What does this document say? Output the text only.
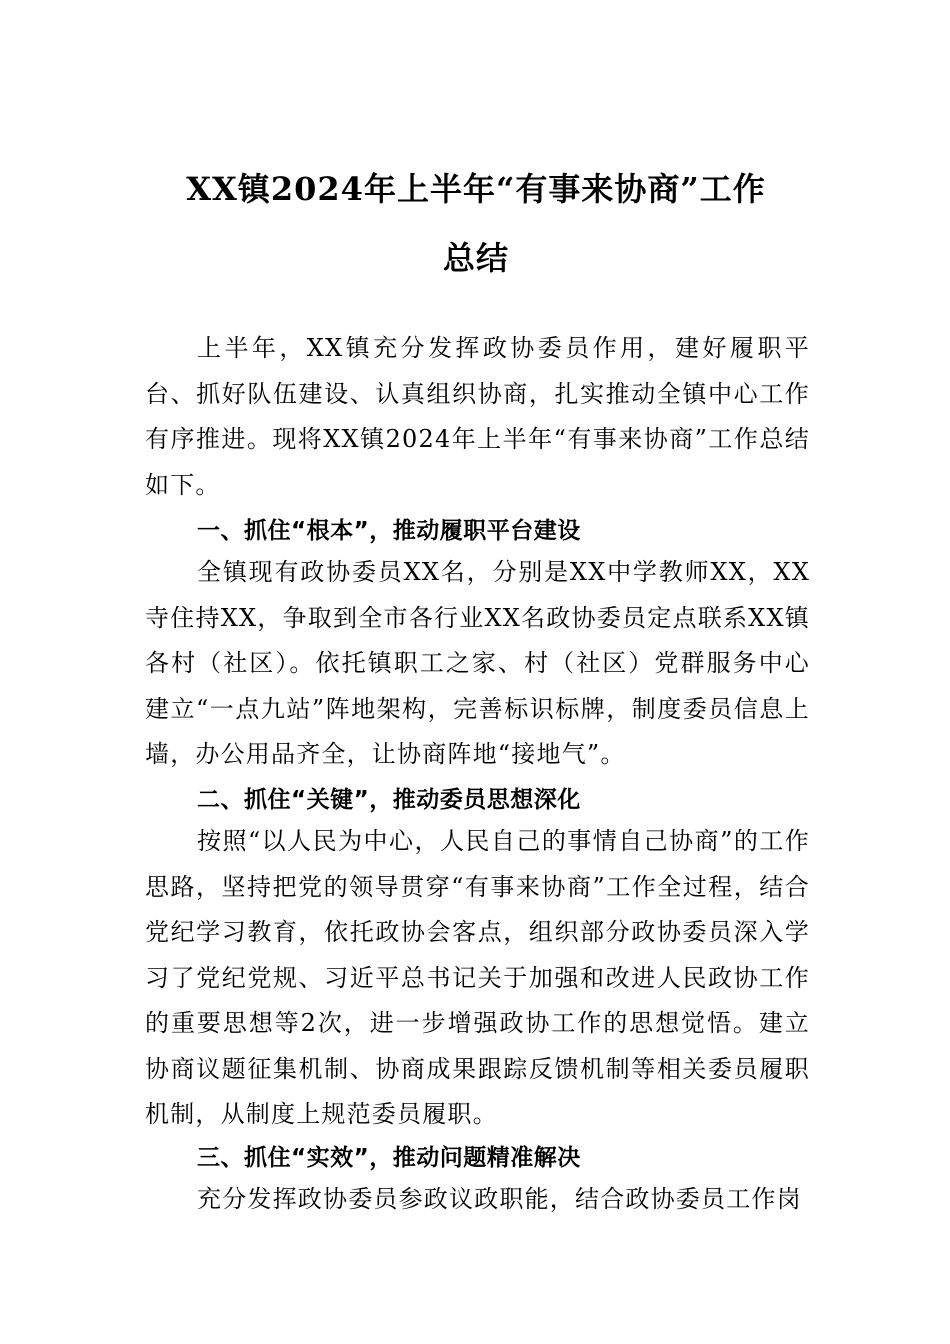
XX镇2024年上半年“有事来协商”工作
总结

上半年，XX镇充分发挥政协委员作用，建好履职平台、抓好队伍建设、认真组织协商，扎实推动全镇中心工作有序推进。现将XX镇2024年上半年“有事来协商”工作总结如下。

一、抓住“根本”，推动履职平台建设

全镇现有政协委员XX名，分别是XX中学教师XX，XX寺住持XX，争取到全市各行业XX名政协委员定点联系XX镇各村（社区）。依托镇职工之家、村（社区）党群服务中心建立“一点九站”阵地架构，完善标识标牌，制度委员信息上墙，办公用品齐全，让协商阵地“接地气”。

二、抓住“关键”，推动委员思想深化

按照“以人民为中心，人民自己的事情自己协商”的工作思路，坚持把党的领导贯穿“有事来协商”工作全过程，结合党纪学习教育，依托政协会客点，组织部分政协委员深入学习了党纪党规、习近平总书记关于加强和改进人民政协工作的重要思想等2次，进一步增强政协工作的思想觉悟。建立协商议题征集机制、协商成果跟踪反馈机制等相关委员履职机制，从制度上规范委员履职。

三、抓住“实效”，推动问题精准解决

充分发挥政协委员参政议政职能，结合政协委员工作岗
